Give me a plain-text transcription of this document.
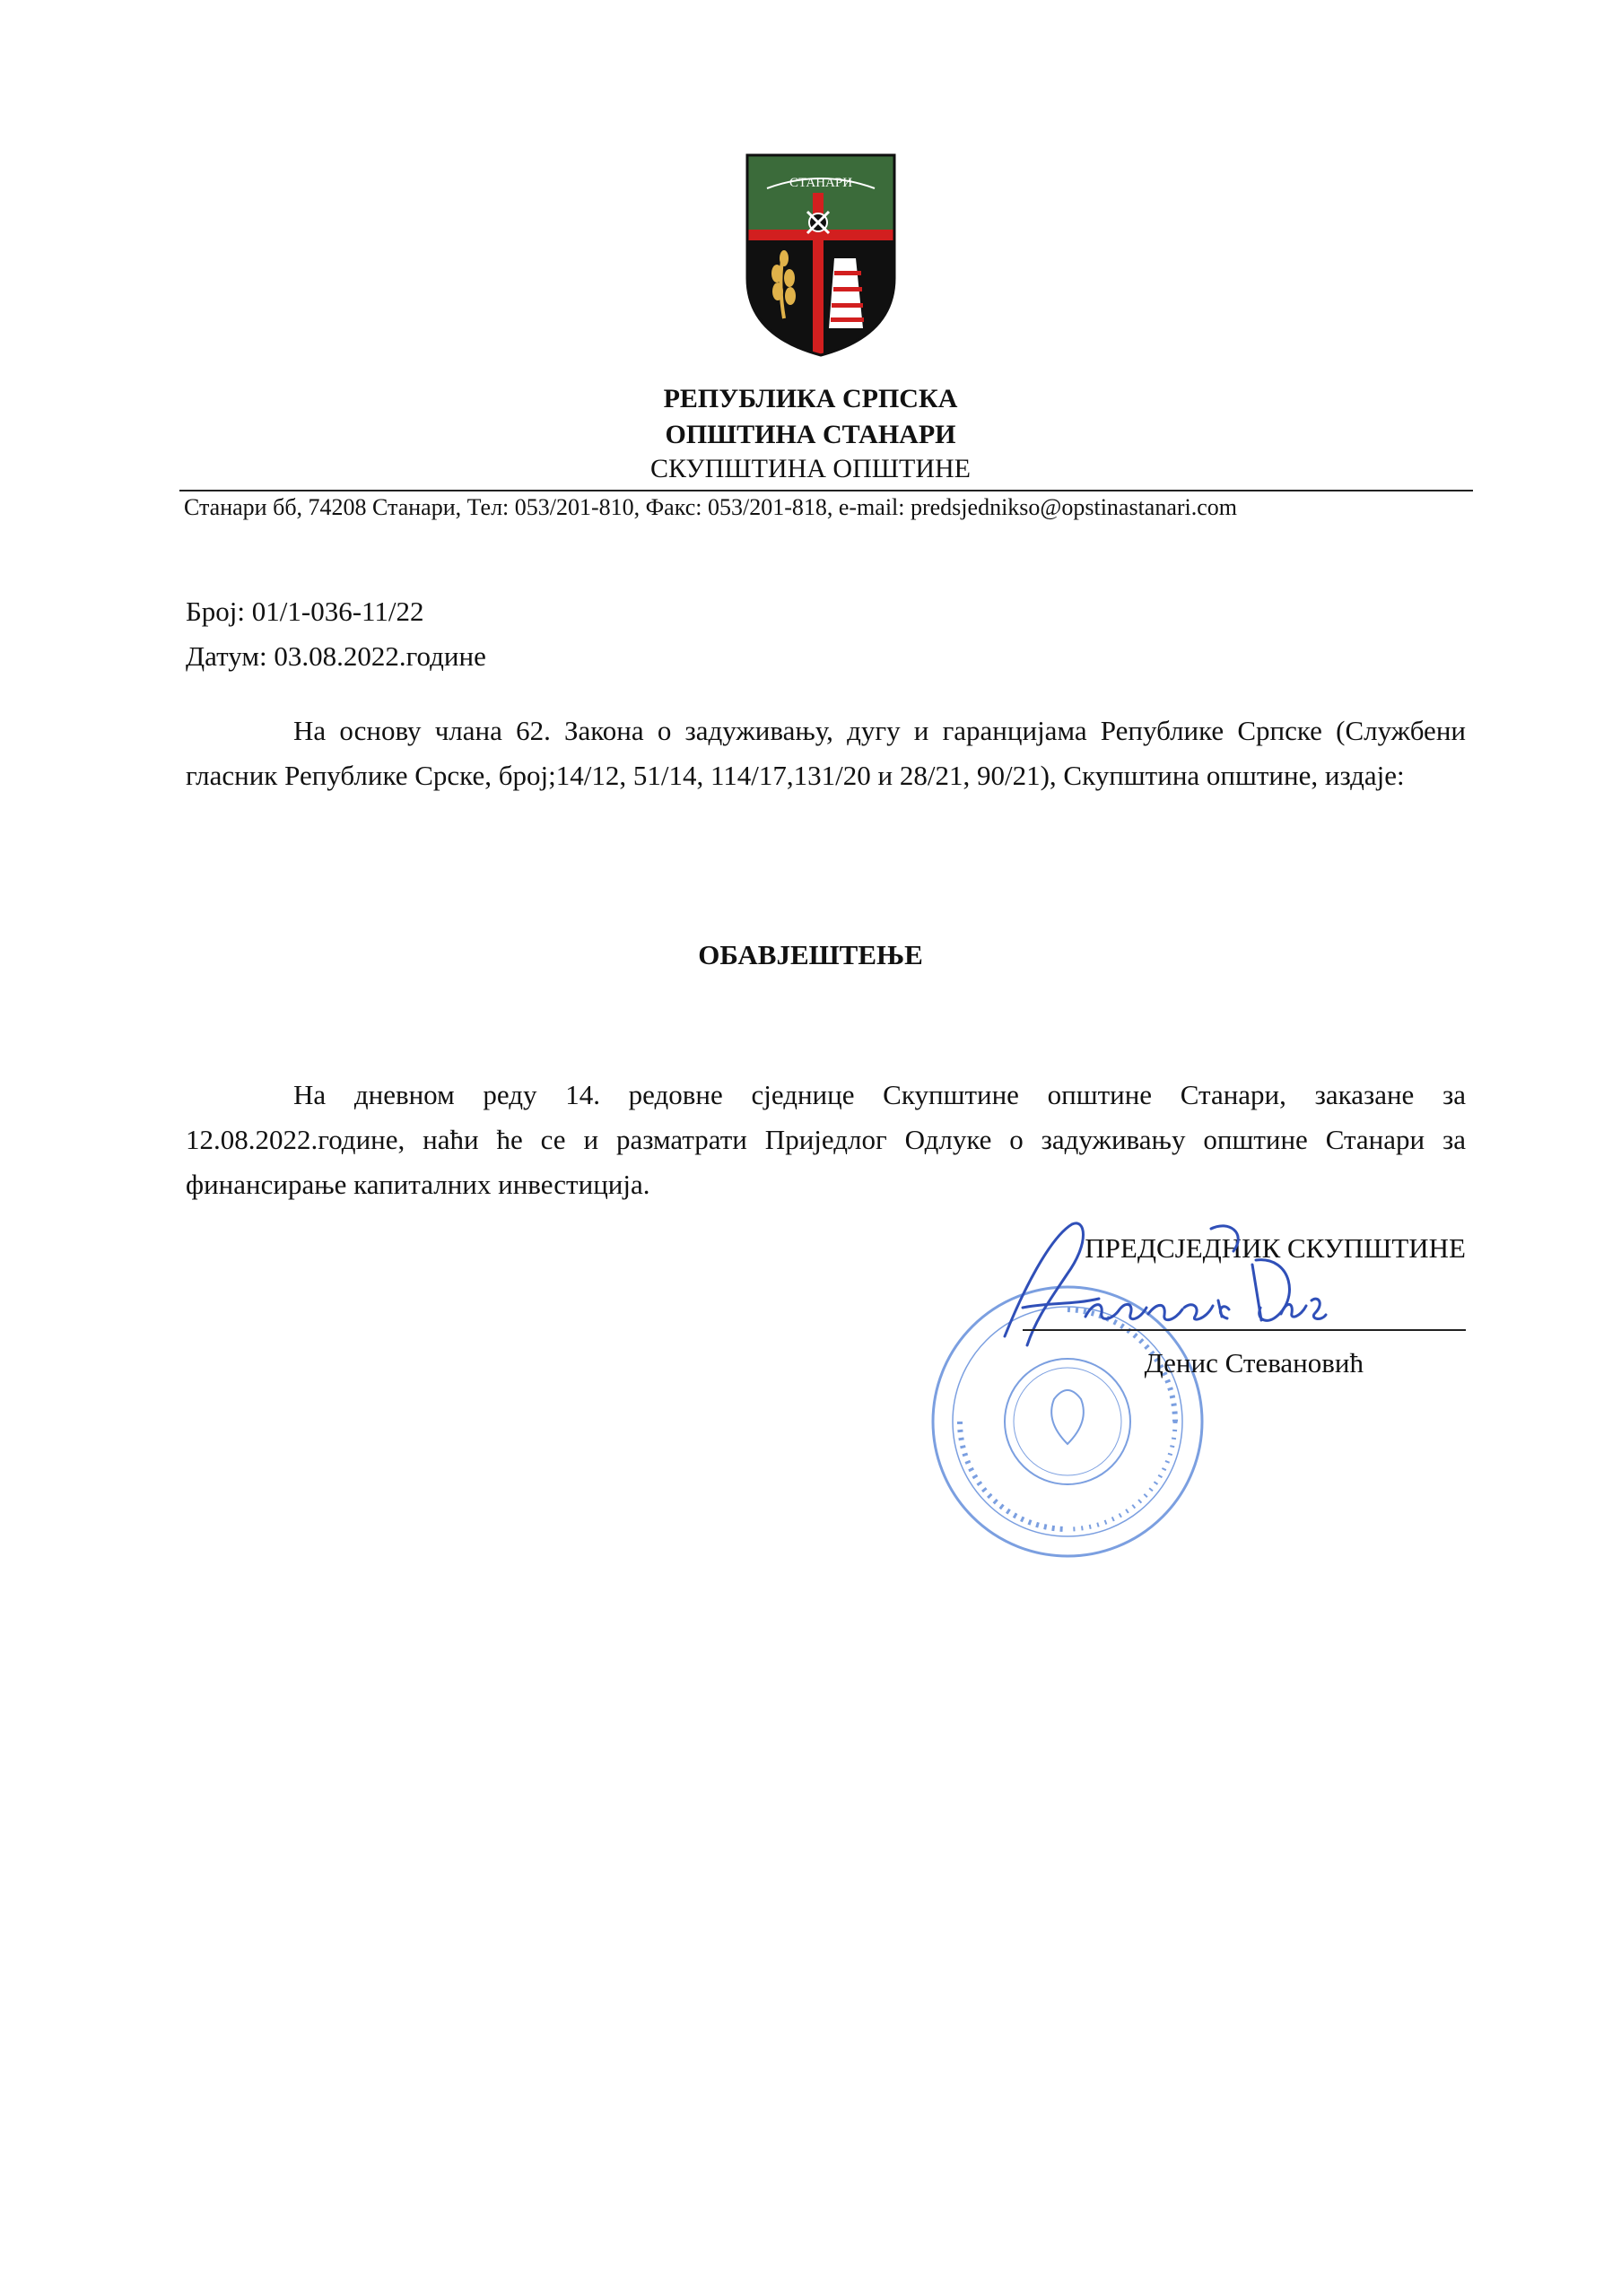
СТАНАРИ
РЕПУБЛИКА СРПСКА
ОПШТИНА СТАНАРИ
СКУПШТИНА ОПШТИНЕ
Станари бб, 74208 Станари, Тел: 053/201-810, Факс: 053/201-818, e-mail: predsjednikso@opstinastanari.com
Број: 01/1-036-11/22
Датум: 03.08.2022.године
На основу члана 62. Закона о задуживању, дугу и гаранцијама Републике Српске (Службени гласник Републике Срске, број;14/12, 51/14, 114/17,131/20 и 28/21, 90/21), Скупштина општине, издаје:
ОБАВЈЕШТЕЊЕ
На дневном реду 14. редовне сједнице Скупштине општине Станари, заказане за 12.08.2022.године, наћи ће се и разматрати Приједлог Одлуке о задуживању општине Станари за финансирање капиталних инвестиција.
ПРЕДСЈЕДНИК СКУПШТИНЕ
Денис Стевановић
